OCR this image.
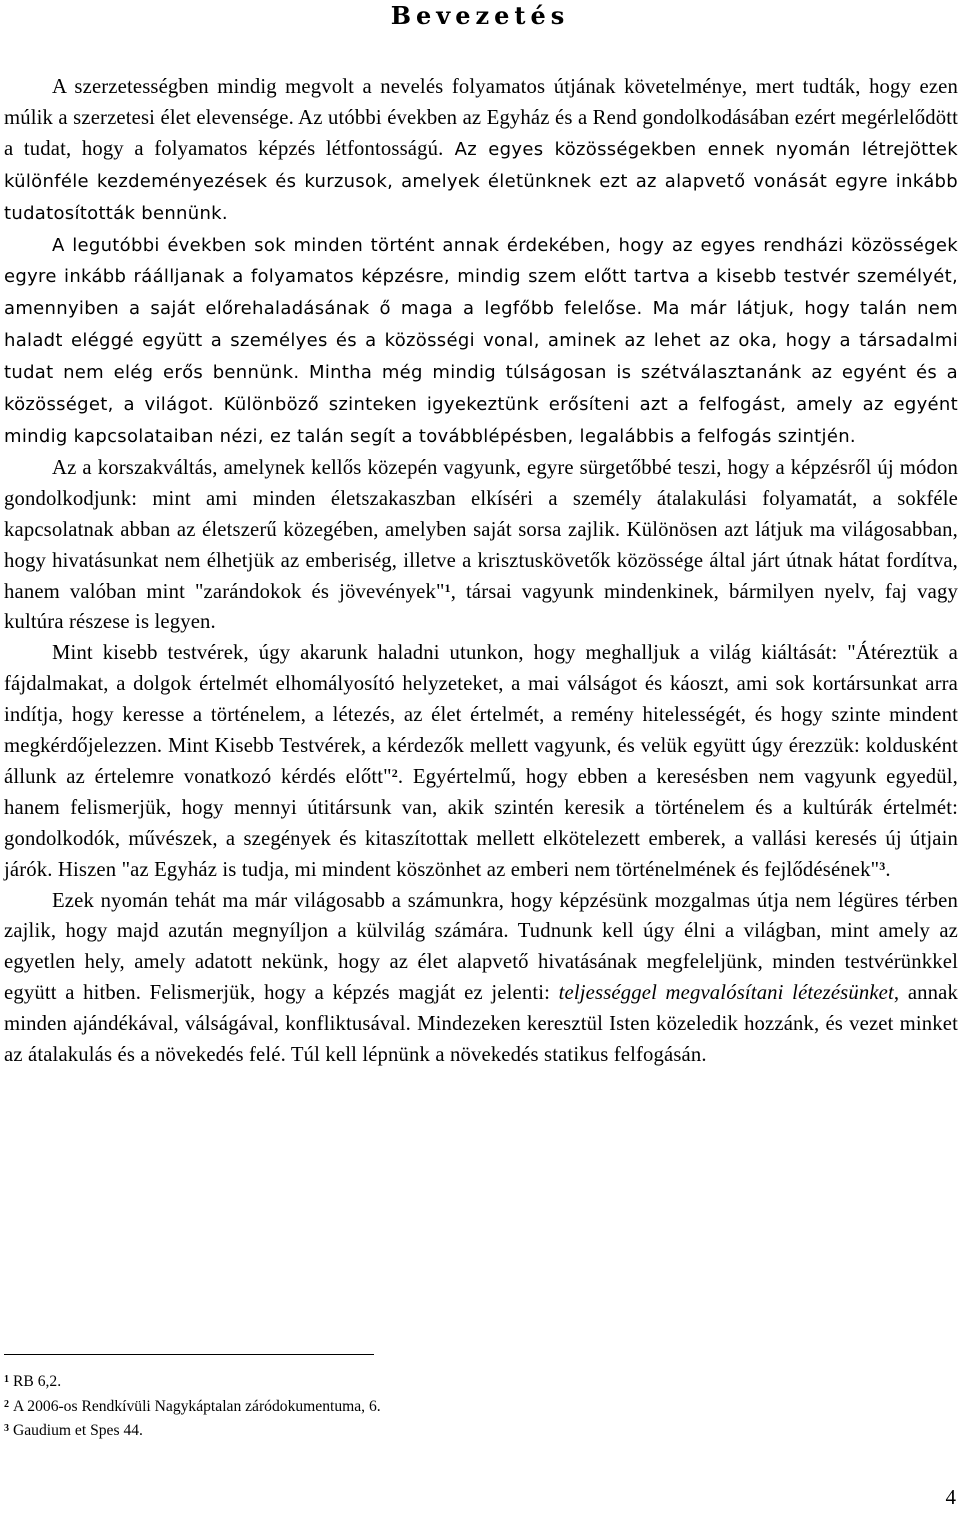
Bevezetés

A szerzetességben mindig megvolt a nevelés folyamatos útjának követelménye, mert tudták, hogy ezen múlik a szerzetesi élet elevensége. Az utóbbi években az Egyház és a Rend gondolkodásában ezért megérlelődött a tudat, hogy a folyamatos képzés létfontosságú. Az egyes közösségekben ennek nyomán létrejöttek különféle kezdeményezések és kurzusok, amelyek életünknek ezt az alapvető vonását egyre inkább tudatosították bennünk.

A legutóbbi években sok minden történt annak érdekében, hogy az egyes rendházi közösségek egyre inkább ráálljanak a folyamatos képzésre, mindig szem előtt tartva a kisebb testvér személyét, amennyiben a saját előrehaladásának ő maga a legfőbb felelőse. Ma már látjuk, hogy talán nem haladt eléggé együtt a személyes és a közösségi vonal, aminek az lehet az oka, hogy a társadalmi tudat nem elég erős bennünk. Mintha még mindig túlságosan is szétválasztanánk az egyént és a közösséget, a világot. Különböző szinteken igyekeztünk erősíteni azt a felfogást, amely az egyént mindig kapcsolataiban nézi, ez talán segít a továbblépésben, legalábbis a felfogás szintjén.

Az a korszakváltás, amelynek kellős közepén vagyunk, egyre sürgetőbbé teszi, hogy a képzésről új módon gondolkodjunk: mint ami minden életszakaszban elkíséri a személy átalakulási folyamatát, a sokféle kapcsolatnak abban az életszerű közegében, amelyben saját sorsa zajlik. Különösen azt látjuk ma világosabban, hogy hivatásunkat nem élhetjük az emberiség, illetve a krisztuskövetők közössége által járt útnak hátat fordítva, hanem valóban mint "zarándokok és jövevények"$^1$, társai vagyunk mindenkinek, bármilyen nyelv, faj vagy kultúra részese is legyen.

Mint kisebb testvérek, úgy akarunk haladni utunkon, hogy meghalljuk a világ kiáltását: "Átéreztük a fájdalmakat, a dolgok értelmét elhomályosító helyzeteket, a mai válságot és káoszt, ami sok kortársunkat arra indítja, hogy keresse a történelem, a létezés, az élet értelmét, a remény hitelességét, és hogy szinte mindent megkérdőjelezzen. Mint Kisebb Testvérek, a kérdezők mellett vagyunk, és velük együtt úgy érezzük: koldusként állunk az értelemre vonatkozó kérdés előtt"$^2$. Egyértelmű, hogy ebben a keresésben nem vagyunk egyedül, hanem felismerjük, hogy mennyi útitársunk van, akik szintén keresik a történelem és a kultúrák értelmét: gondolkodók, művészek, a szegények és kitaszítottak mellett elkötelezett emberek, a vallási keresés új útjain járók. Hiszen "az Egyház is tudja, mi mindent köszönhet az emberi nem történelmének és fejlődésének"$^3$.

Ezek nyomán tehát ma már világosabb a számunkra, hogy képzésünk mozgalmas útja nem légüres térben zajlik, hogy majd azután megnyíljon a külvilág számára. Tudnunk kell úgy élni a világban, mint amely az egyetlen hely, amely adatott nekünk, hogy az élet alapvető hivatásának megfeleljünk, minden testvérünkkel együtt a hitben. Felismerjük, hogy a képzés magját ez jelenti: teljességgel megvalósítani létezésünket, annak minden ajándékával, válságával, konfliktusával. Mindezeken keresztül Isten közeledik hozzánk, és vezet minket az átalakulás és a növekedés felé. Túl kell lépnünk a növekedés statikus felfogásán.

$^1$ RB 6,2.
$^2$ A 2006-os Rendkívüli Nagykáptalan záródokumentuma, 6.
$^3$ Gaudium et Spes 44.
4
